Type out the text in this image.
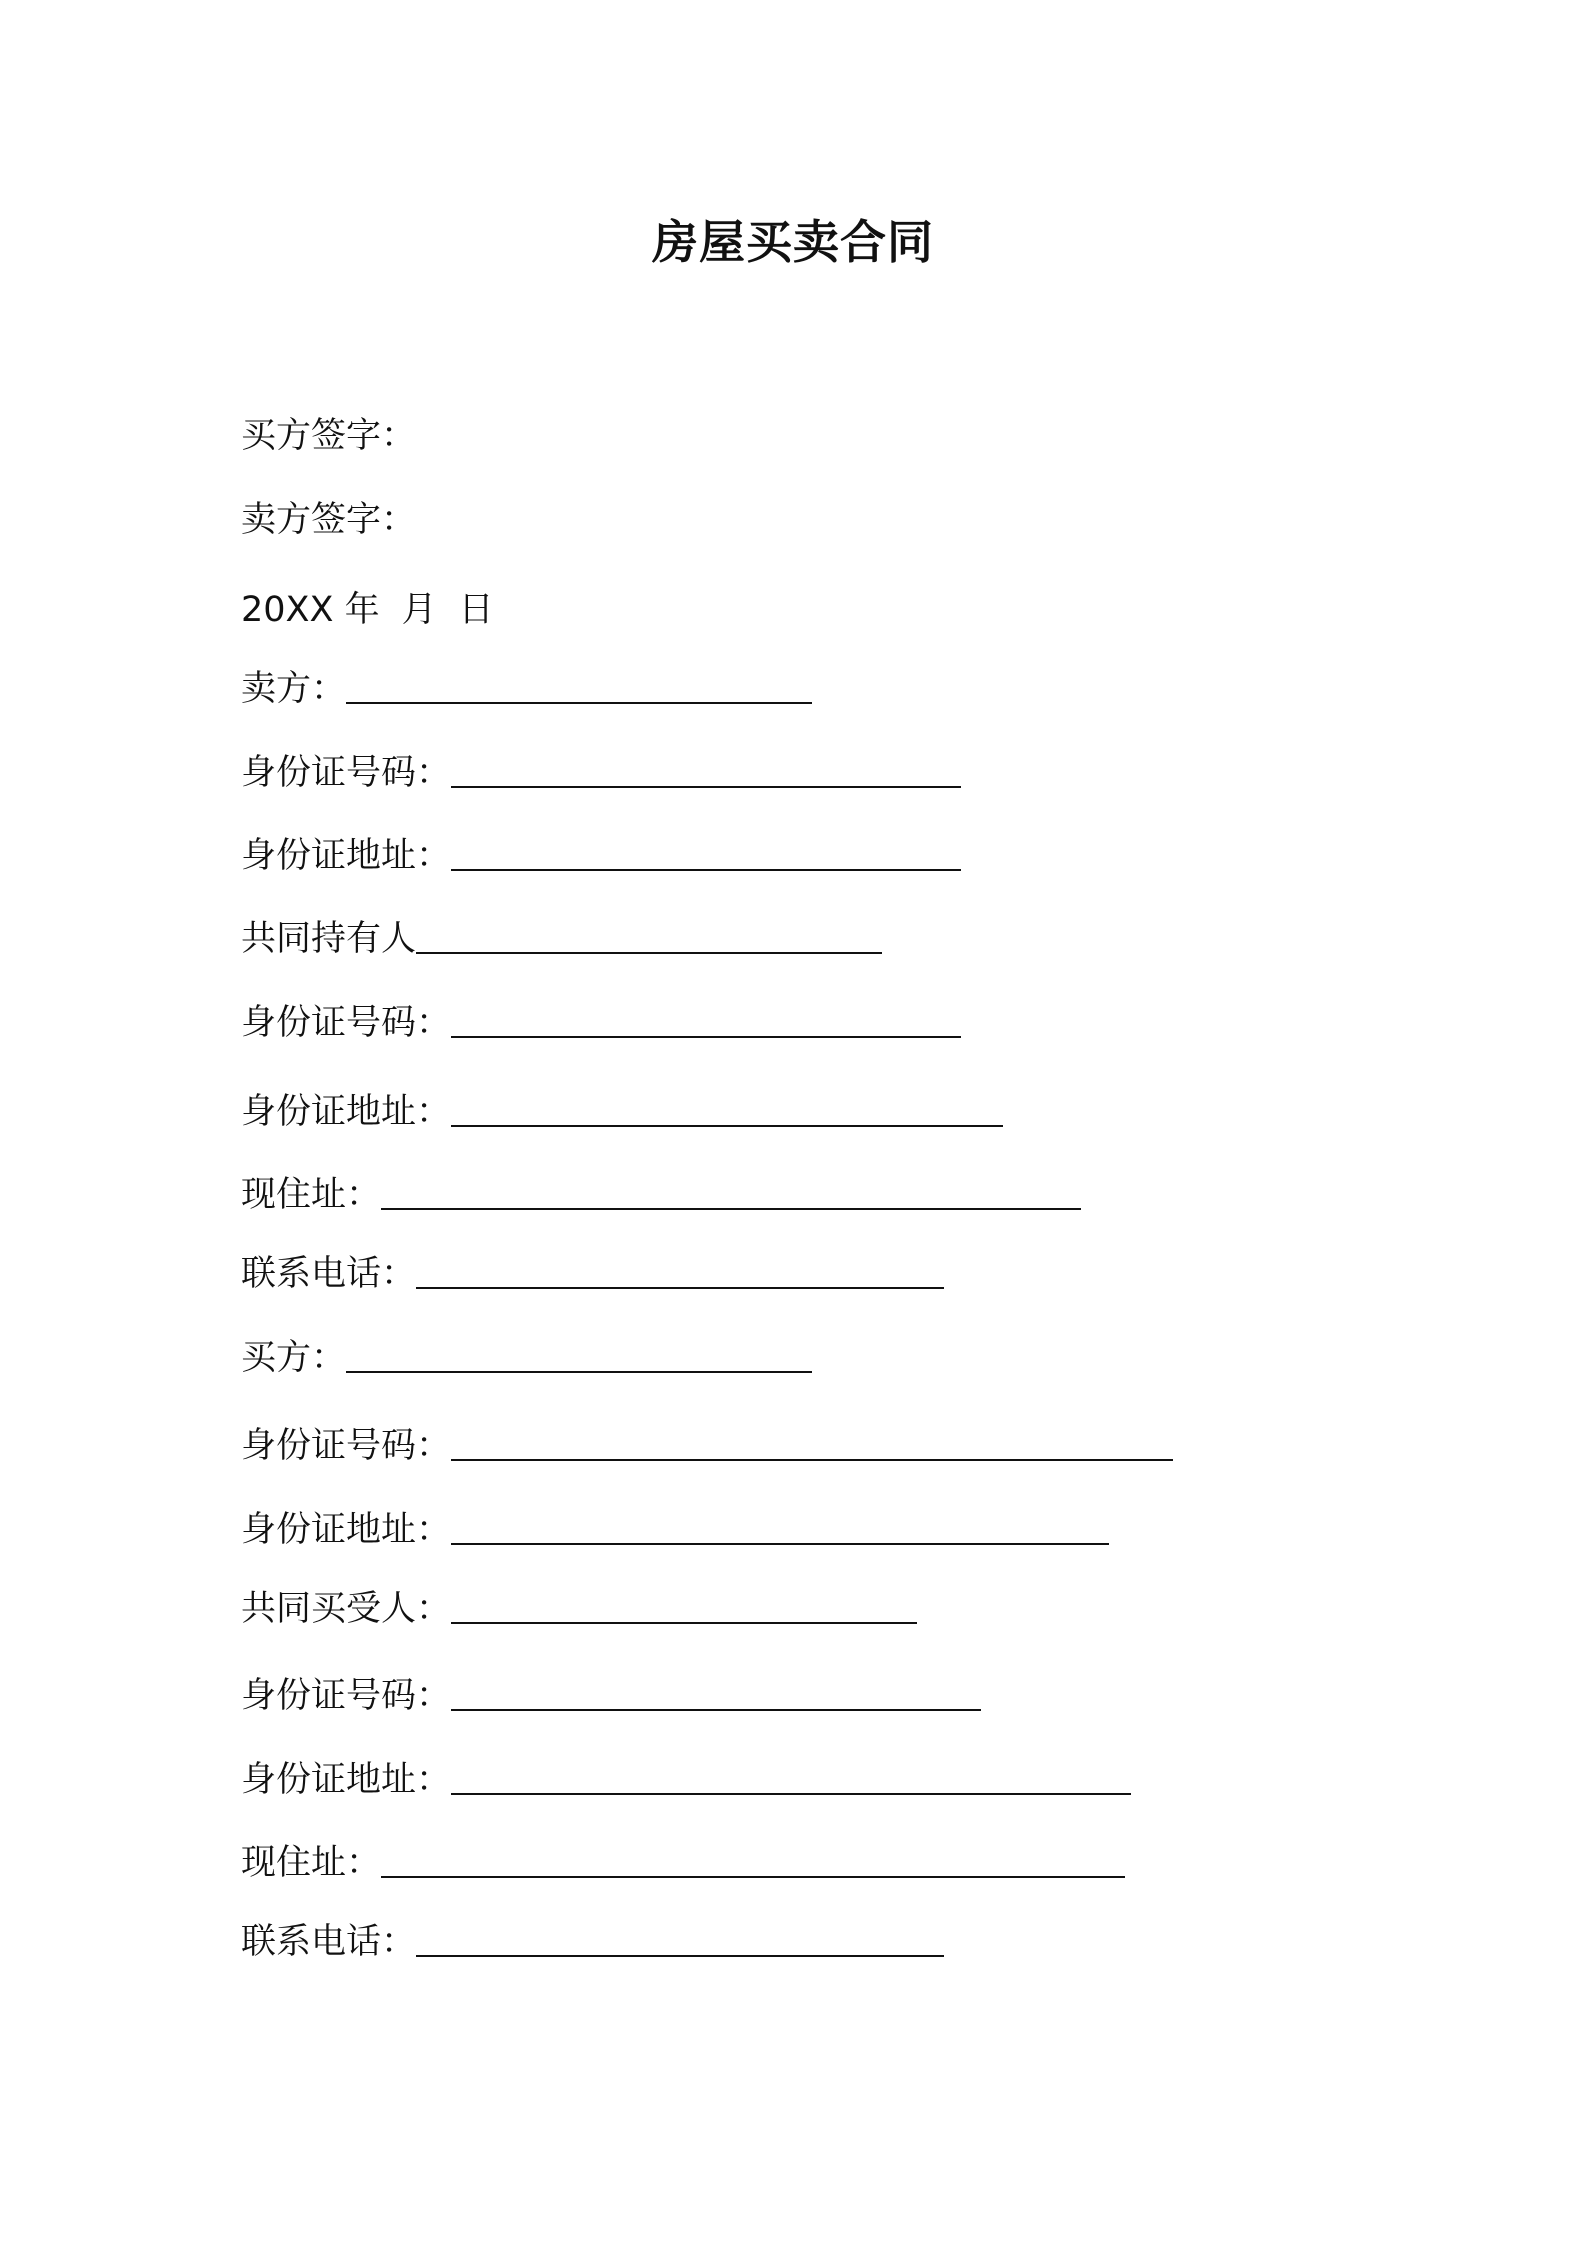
房屋买卖合同
买方签字：
卖方签字：
20XX 年 月 日
卖方：
身份证号码：
身份证地址：
共同持有人
身份证号码：
身份证地址：
现住址：
联系电话：
买方：
身份证号码：
身份证地址：
共同买受人：
身份证号码：
身份证地址：
现住址：
联系电话：
